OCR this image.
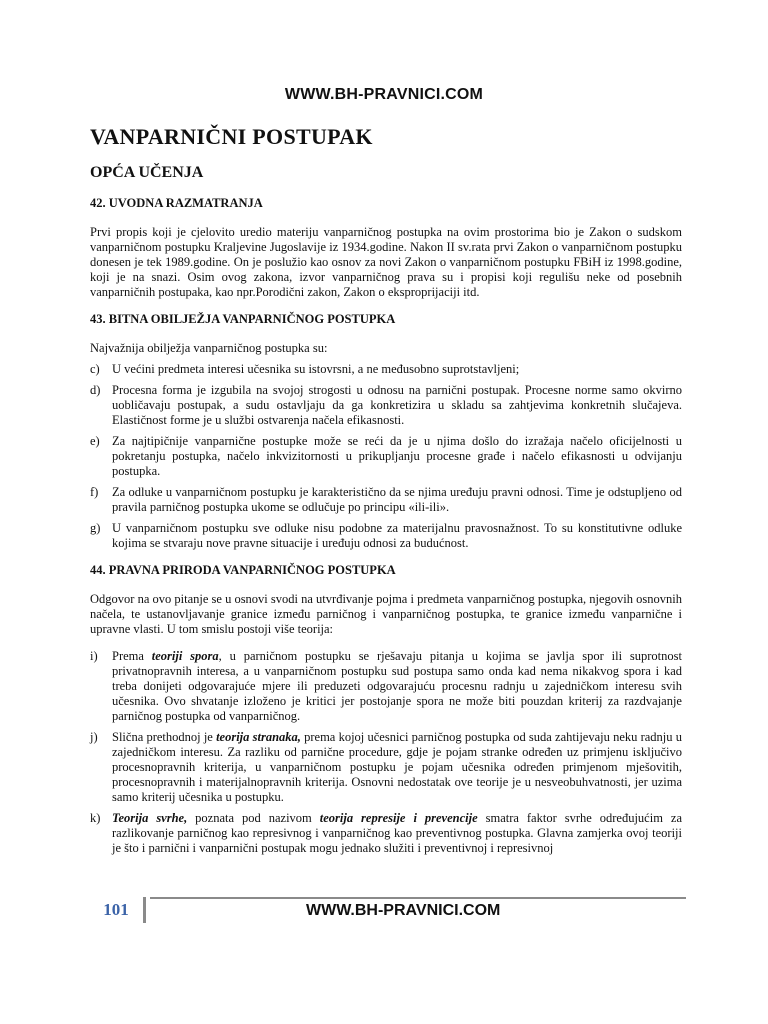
WWW.BH-PRAVNICI.COM
VANPARNIČNI POSTUPAK
OPĆA UČENJA
42. UVODNA RAZMATRANJA

Prvi propis koji je cjelovito uredio materiju vanparničnog postupka na ovim prostorima bio je Zakon o sudskom vanparničnom postupku Kraljevine Jugoslavije iz 1934.godine. Nakon II sv.rata prvi Zakon o vanparničnom postupku donesen je tek 1989.godine. On je poslužio kao osnov za novi Zakon o vanparničnom postupku FBiH iz 1998.godine, koji je na snazi. Osim ovog zakona, izvor vanparničnog prava su i propisi koji regulišu neke od posebnih vanparničnih postupaka, kao npr.Porodični zakon, Zakon o eksproprijaciji itd.

43. BITNA OBILJEŽJA VANPARNIČNOG POSTUPKA

Najvažnija obilježja vanparničnog postupka su:

c) U većini predmeta interesi učesnika su istovrsni, a ne međusobno suprotstavljeni;
d) Procesna forma je izgubila na svojoj strogosti u odnosu na parnični postupak. Procesne norme samo okvirno uobličavaju postupak, a sudu ostavljaju da ga konkretizira u skladu sa zahtjevima konkretnih slučajeva. Elastičnost forme je u službi ostvarenja načela efikasnosti.
e) Za najtipičnije vanparnične postupke može se reći da je u njima došlo do izražaja načelo oficijelnosti u pokretanju postupka, načelo inkvizitornosti u prikupljanju procesne građe i načelo efikasnosti u odvijanju postupka.
f)	Za odluke u vanparničnom postupku je karakteristično da se njima uređuju pravni odnosi. Time je odstupljeno od pravila parničnog postupka ukome se odlučuje po principu «ili-ili».
g) U vanparničnom postupku sve odluke nisu podobne za materijalnu pravosnažnost. To su konstitutivne odluke kojima se stvaraju nove pravne situacije i uređuju odnosi za budućnost.
44. PRAVNA PRIRODA VANPARNIČNOG POSTUPKA

Odgovor na ovo pitanje se u osnovi svodi na utvrđivanje pojma i predmeta vanparničnog postupka, njegovih osnovnih načela, te ustanovljavanje granice između parničnog i vanparničnog postupka, te granice između vanparnične i upravne vlasti. U tom smislu postoji više teorija:

i)	Prema teoriji spora, u parničnom postupku se rješavaju pitanja u kojima se javlja spor ili suprotnost privatnopravnih interesa, a u vanparničnom postupku sud postupa samo onda kad nema nikakvog spora i kad treba donijeti odgovarajuće mjere ili preduzeti odgovarajuću procesnu radnju u zajedničkom interesu svih učesnika. Ovo shvatanje izloženo je kritici jer postojanje spora ne može biti pouzdan kriterij za razdvajanje parničnog postupka od vanparničnog.
j)	Slična prethodnoj je teorija stranaka, prema kojoj učesnici parničnog postupka od suda zahtijevaju neku radnju u zajedničkom interesu. Za razliku od parnične procedure, gdje je pojam stranke određen uz primjenu isključivo procesnopravnih kriterija, u vanparničnom postupku je pojam učesnika određen primjenom mješovitih, procesnopravnih i materijalnopravnih kriterija. Osnovni nedostatak ove teorije je u nesveobuhvatnosti, jer uzima samo kriterij učesnika u postupku.
k) Teorija svrhe, poznata pod nazivom teorija represije i prevencije smatra faktor svrhe određujućim za razlikovanje parničnog kao represivnog i vanparničnog kao preventivnog postupka. Glavna zamjerka ovoj teoriji je što i parnični i vanparnični postupak mogu jednako služiti i preventivnoj i represivnoj
101	WWW.BH-PRAVNICI.COM
